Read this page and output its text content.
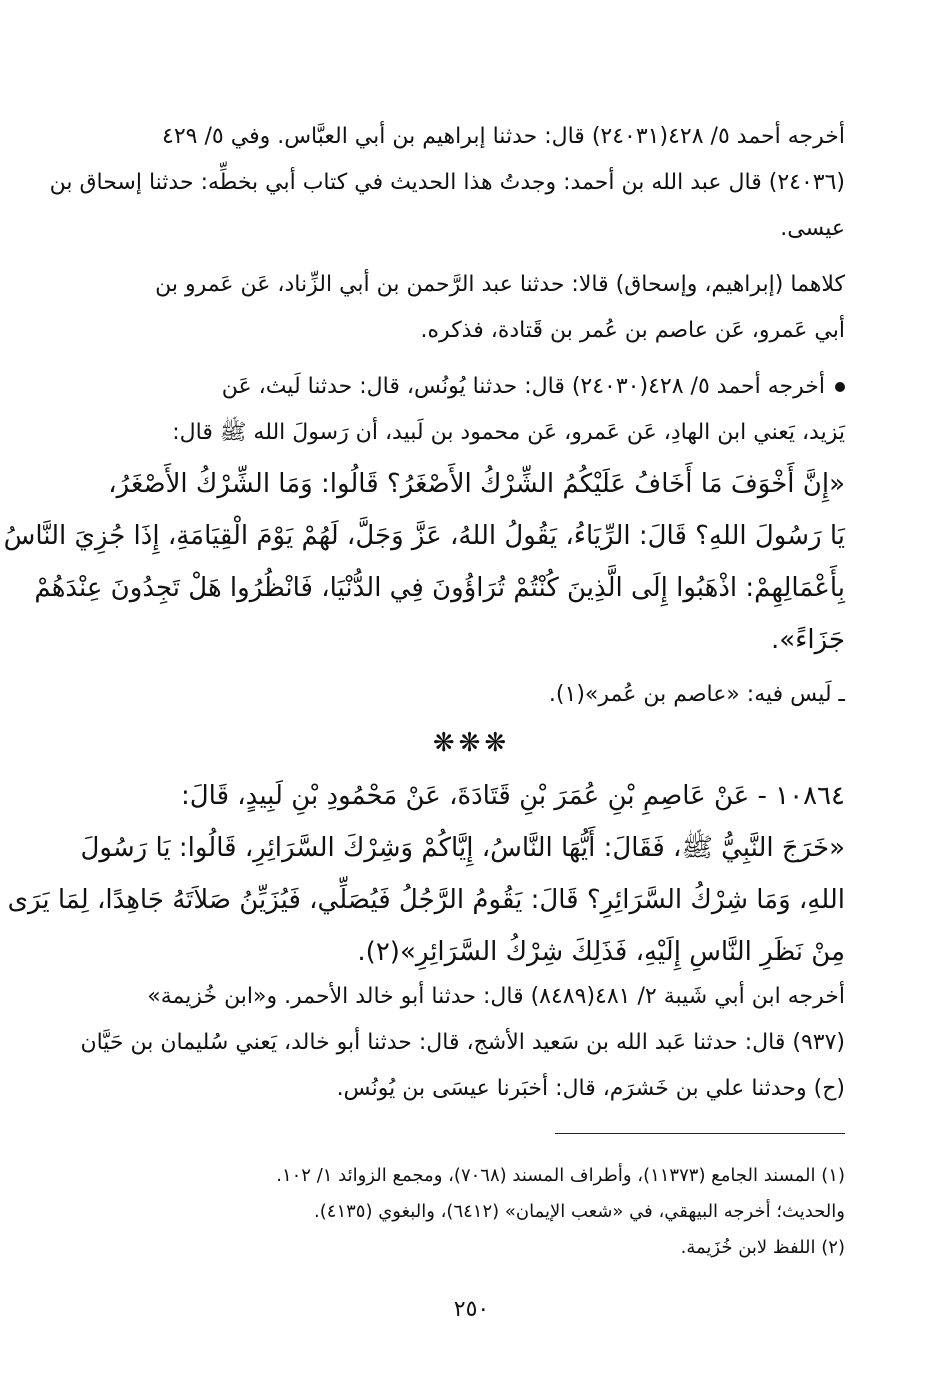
أخرجه أحمد ٥/ ٤٢٨(٢٤٠٣١) قال: حدثنا إبراهيم بن أبي العبَّاس. وفي ٥/ ٤٢٩
(٢٤٠٣٦) قال عبد الله بن أحمد: وجدتُ هذا الحديث في كتاب أبي بخطِّه: حدثنا إسحاق بن
عيسى.
كلاهما (إبراهيم، وإسحاق) قالا: حدثنا عبد الرَّحمن بن أبي الزِّناد، عَن عَمرو بن
أبي عَمرو، عَن عاصم بن عُمر بن قَتادة، فذكره.
أخرجه أحمد ٥/ ٤٢٨(٢٤٠٣٠) قال: حدثنا يُونُس، قال: حدثنا لَيث، عَن
يَزيد، يَعني ابن الهادِ، عَن عَمرو، عَن محمود بن لَبيد، أن رَسولَ الله ﷺ قال:
«إِنَّ أَخْوَفَ مَا أَخَافُ عَلَيْكُمُ الشِّرْكُ الأَصْغَرُ؟ قَالُوا: وَمَا الشِّرْكُ الأَصْغَرُ،
يَا رَسُولَ اللهِ؟ قَالَ: الرِّيَاءُ، يَقُولُ اللهُ، عَزَّ وَجَلَّ، لَهُمْ يَوْمَ الْقِيَامَةِ، إِذَا جُزِيَ النَّاسُ
بِأَعْمَالِهِمْ: اذْهَبُوا إِلَى الَّذِينَ كُنْتُمْ تُرَاؤُونَ فِي الدُّنْيَا، فَانْظُرُوا هَلْ تَجِدُونَ عِنْدَهُمْ
جَزَاءً».
ـ لَيس فيه: «عاصم بن عُمر»(١).
❋❋❋
١٠٨٦٤ - عَنْ عَاصِمِ بْنِ عُمَرَ بْنِ قَتَادَةَ، عَنْ مَحْمُودِ بْنِ لَبِيدٍ، قَالَ:
«خَرَجَ النَّبِيُّ ﷺ، فَقَالَ: أَيُّهَا النَّاسُ، إِيَّاكُمْ وَشِرْكَ السَّرَائِرِ، قَالُوا: يَا رَسُولَ
اللهِ، وَمَا شِرْكُ السَّرَائِرِ؟ قَالَ: يَقُومُ الرَّجُلُ فَيُصَلِّي، فَيُزَيِّنُ صَلاَتَهُ جَاهِدًا، لِمَا يَرَى
مِنْ نَظَرِ النَّاسِ إِلَيْهِ، فَذَلِكَ شِرْكُ السَّرَائِرِ»(٢).
أخرجه ابن أبي شَيبة ٢/ ٤٨١(٨٤٨٩) قال: حدثنا أبو خالد الأحمر. و«ابن خُزيمة»
(٩٣٧) قال: حدثنا عَبد الله بن سَعيد الأشج، قال: حدثنا أبو خالد، يَعني سُليمان بن حَيَّان
(ح) وحدثنا علي بن خَشرَم، قال: أخبَرنا عيسَى بن يُونُس.
(١) المسند الجامع (١١٣٧٣)، وأطراف المسند (٧٠٦٨)، ومجمع الزوائد ١/ ١٠٢.
والحديث؛ أخرجه البيهقي، في «شعب الإيمان» (٦٤١٢)، والبغوي (٤١٣٥).
(٢) اللفظ لابن خُزَيمة.
٢٥٠
